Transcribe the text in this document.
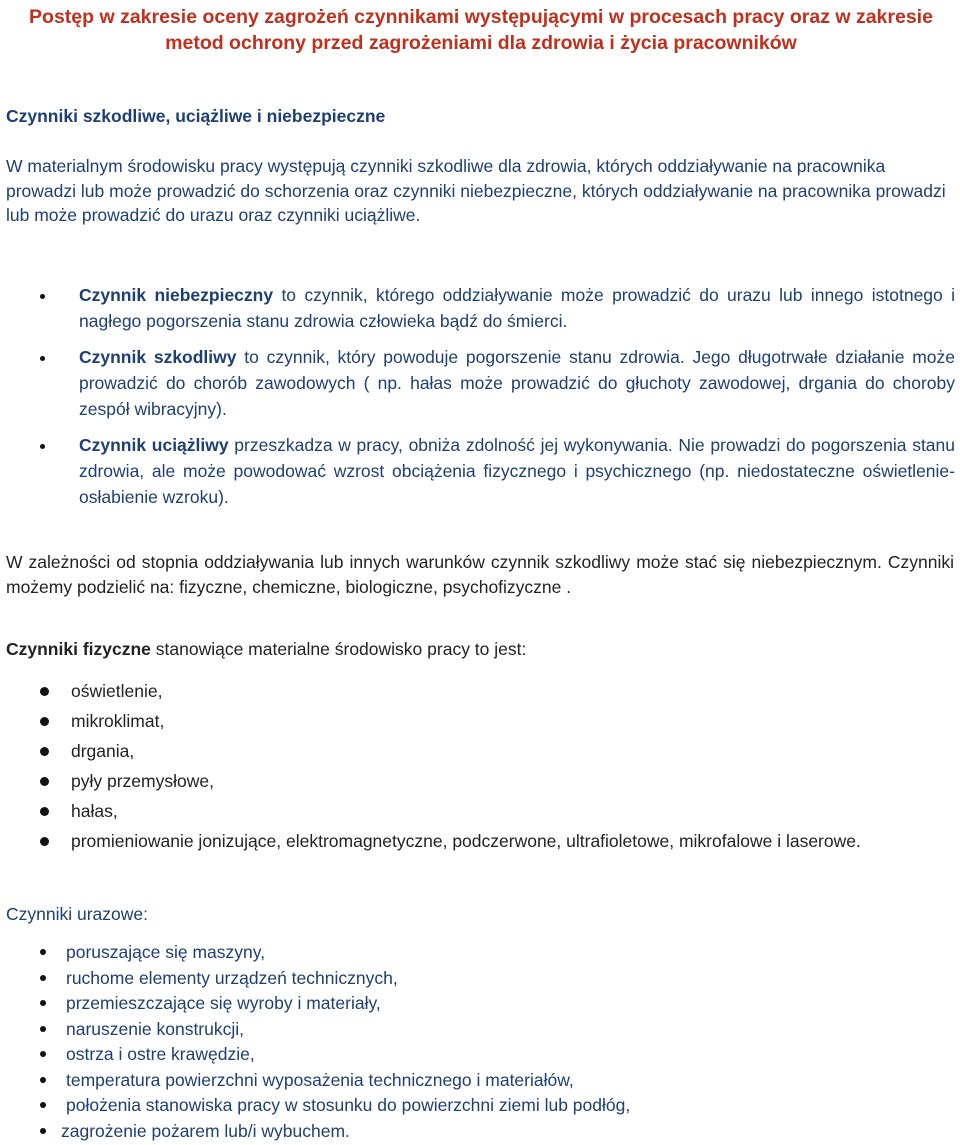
Postęp w zakresie oceny zagrożeń czynnikami występującymi w procesach pracy oraz w zakresie metod ochrony przed zagrożeniami dla zdrowia i życia pracowników
Czynniki szkodliwe, uciążliwe i niebezpieczne

W materialnym środowisku pracy występują czynniki szkodliwe dla zdrowia, których oddziaływanie na pracownika prowadzi lub może prowadzić do schorzenia oraz czynniki niebezpieczne, których oddziaływanie na pracownika prowadzi lub może prowadzić do urazu oraz czynniki uciążliwe.

Czynnik niebezpieczny to czynnik, którego oddziaływanie może prowadzić do urazu lub innego istotnego i nagłego pogorszenia stanu zdrowia człowieka bądź do śmierci.
Czynnik szkodliwy to czynnik, który powoduje pogorszenie stanu zdrowia. Jego długotrwałe działanie może prowadzić do chorób zawodowych ( np. hałas może prowadzić do głuchoty zawodowej, drgania do choroby zespół wibracyjny).
Czynnik uciążliwy przeszkadza w pracy, obniża zdolność jej wykonywania. Nie prowadzi do pogorszenia stanu zdrowia, ale może powodować wzrost obciążenia fizycznego i psychicznego (np. niedostateczne oświetlenie- osłabienie wzroku).

W zależności od stopnia oddziaływania lub innych warunków czynnik szkodliwy może stać się niebezpiecznym. Czynniki możemy podzielić na: fizyczne, chemiczne, biologiczne, psychofizyczne .

Czynniki fizyczne stanowiące materialne środowisko pracy to jest:

oświetlenie,
mikroklimat,
drgania,
pyły przemysłowe,
hałas,
promieniowanie jonizujące, elektromagnetyczne, podczerwone, ultrafioletowe, mikrofalowe i laserowe.

Czynniki urazowe:

poruszające się maszyny,
ruchome elementy urządzeń technicznych,
przemieszczające się wyroby i materiały,
naruszenie konstrukcji,
ostrza i ostre krawędzie,
temperatura powierzchni wyposażenia technicznego i materiałów,
położenia stanowiska pracy w stosunku do powierzchni ziemi lub podłóg,
zagrożenie pożarem lub/i wybuchem.
